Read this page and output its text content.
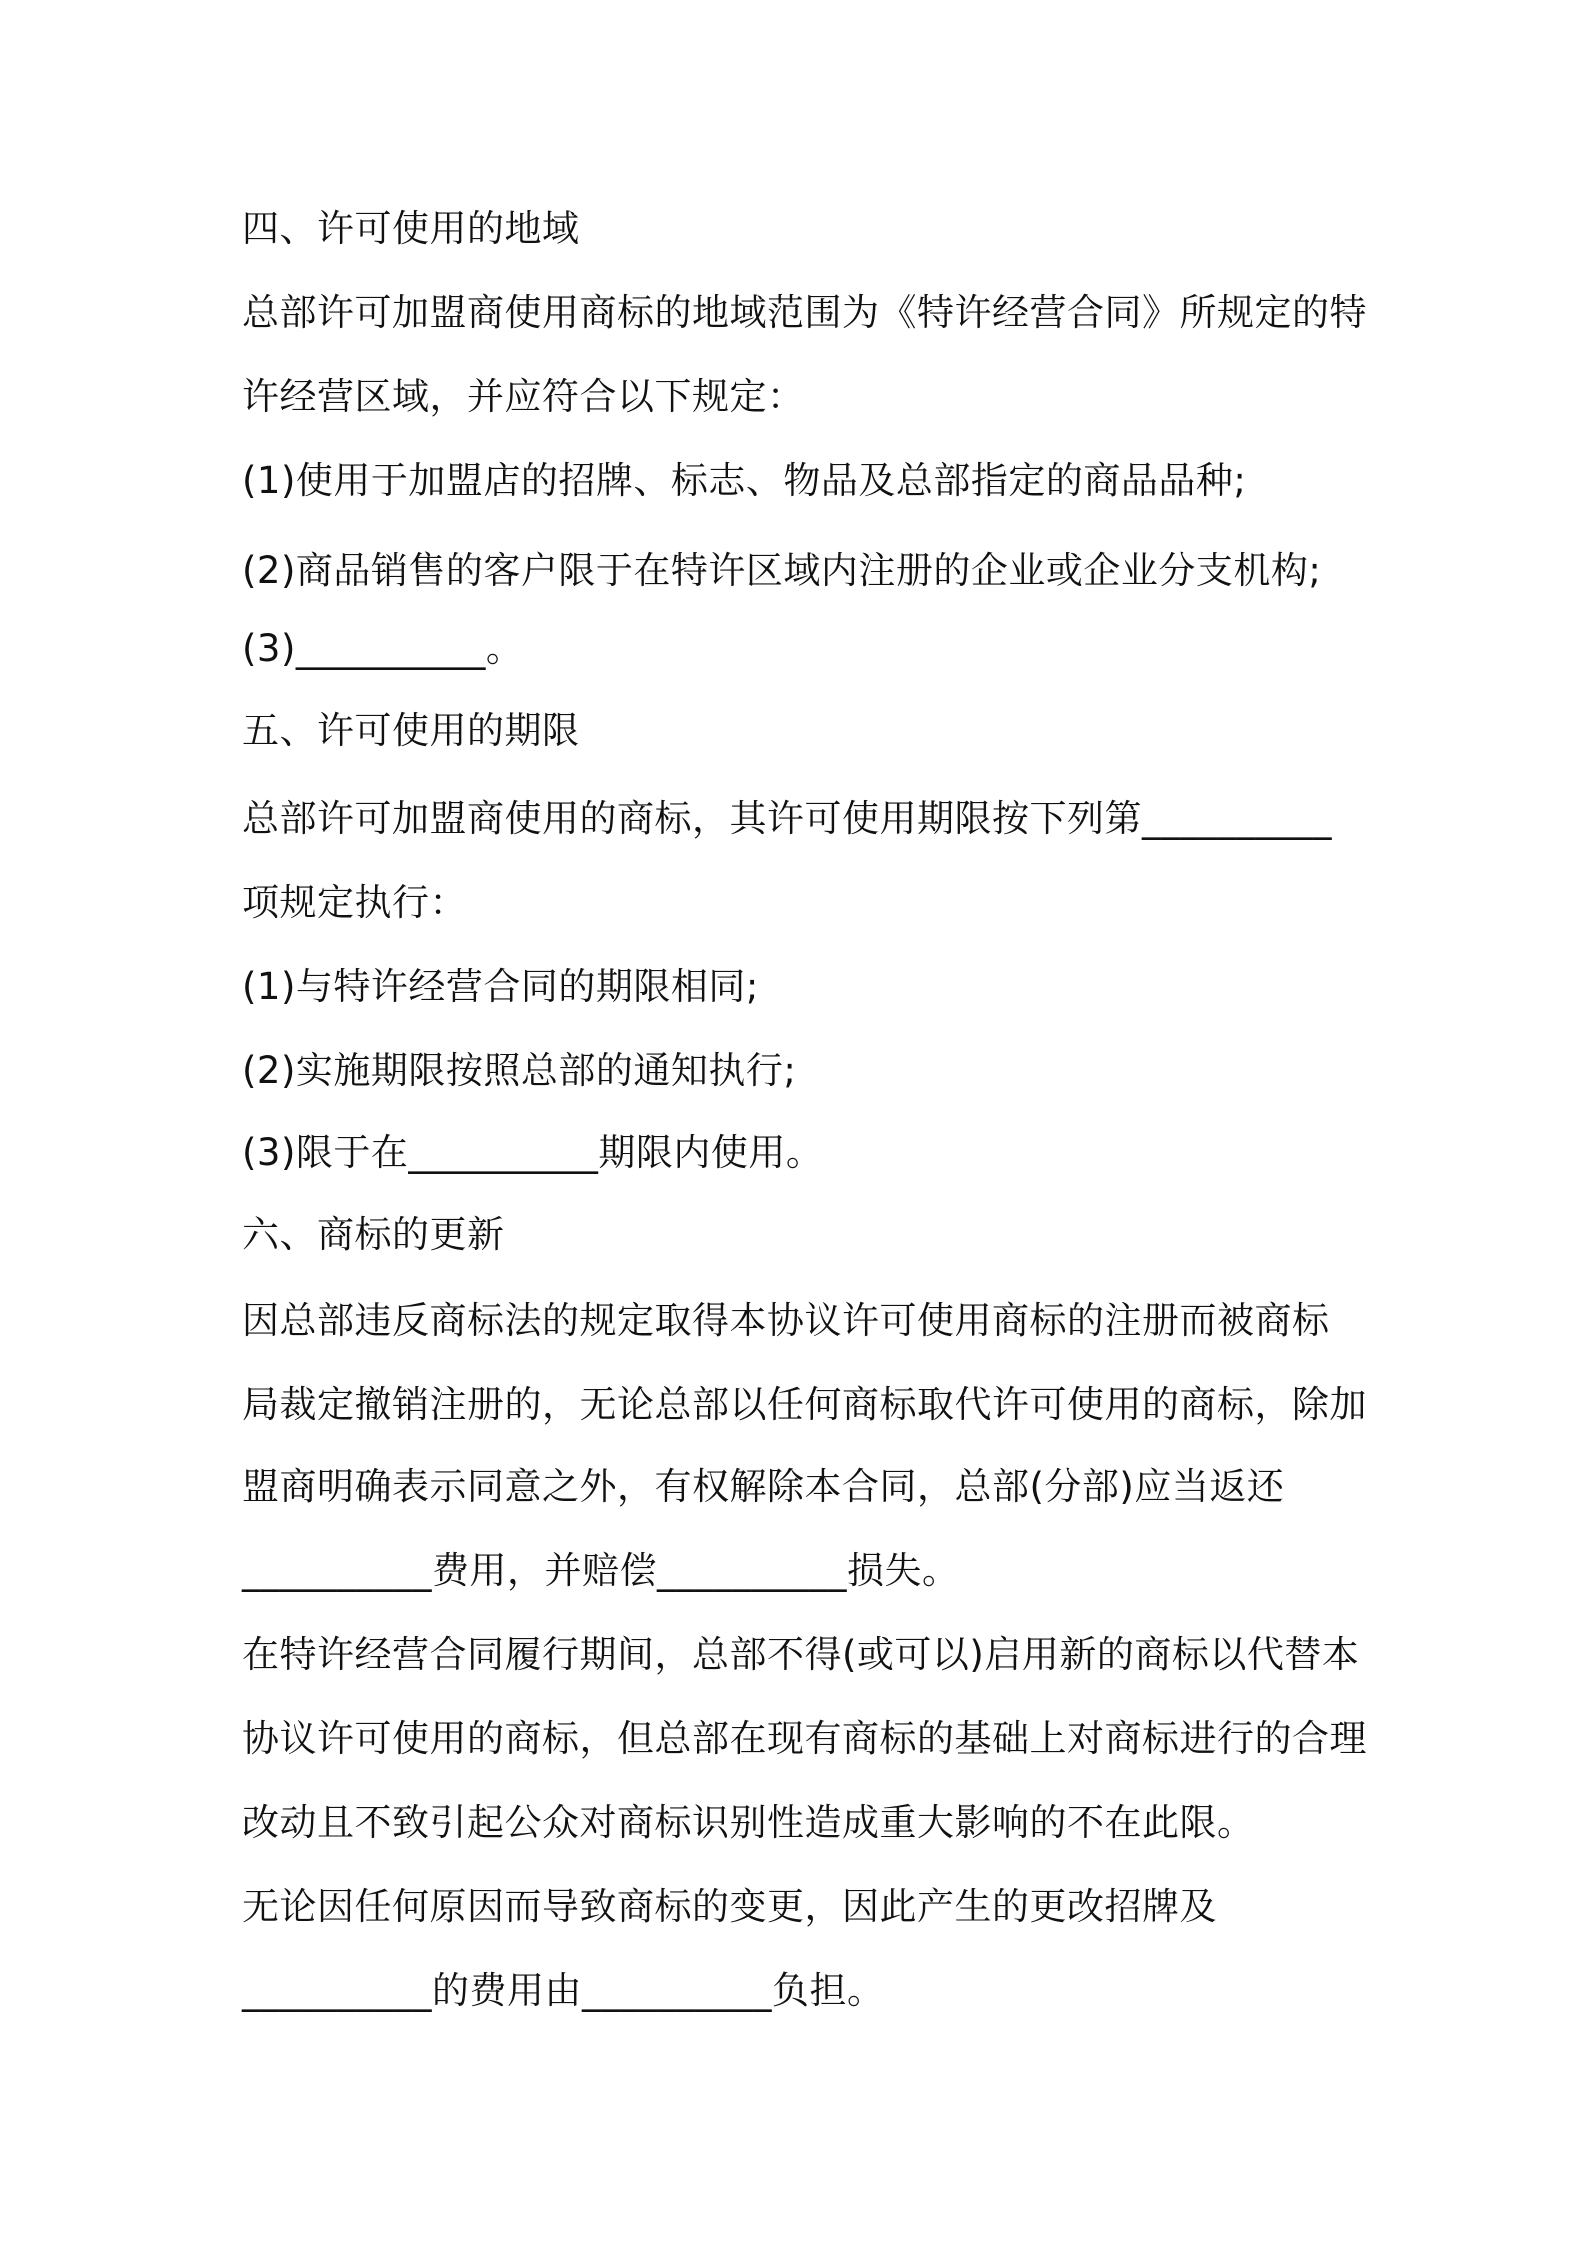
四、许可使用的地域
总部许可加盟商使用商标的地域范围为《特许经营合同》所规定的特
许经营区域，并应符合以下规定：
(1)使用于加盟店的招牌、标志、物品及总部指定的商品品种;
(2)商品销售的客户限于在特许区域内注册的企业或企业分支机构;
(3)__________。
五、许可使用的期限
总部许可加盟商使用的商标，其许可使用期限按下列第__________
项规定执行：
(1)与特许经营合同的期限相同;
(2)实施期限按照总部的通知执行;
(3)限于在__________期限内使用。
六、商标的更新
因总部违反商标法的规定取得本协议许可使用商标的注册而被商标
局裁定撤销注册的，无论总部以任何商标取代许可使用的商标，除加
盟商明确表示同意之外，有权解除本合同，总部(分部)应当返还
__________费用，并赔偿__________损失。
在特许经营合同履行期间，总部不得(或可以)启用新的商标以代替本
协议许可使用的商标，但总部在现有商标的基础上对商标进行的合理
改动且不致引起公众对商标识别性造成重大影响的不在此限。
无论因任何原因而导致商标的变更，因此产生的更改招牌及
__________的费用由__________负担。
